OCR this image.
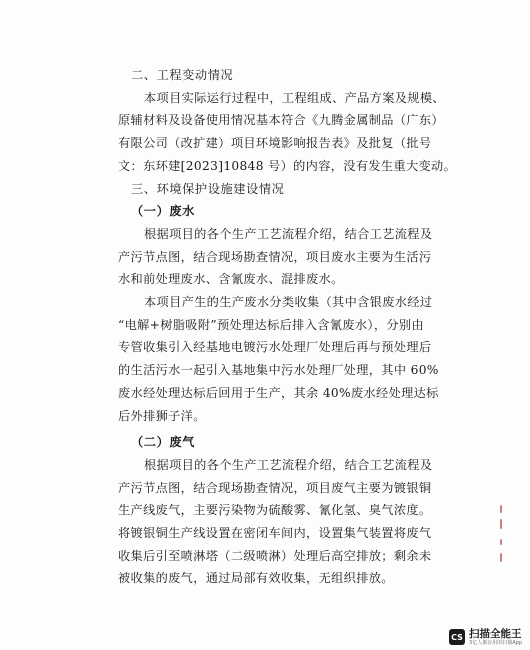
二、工程变动情况
本项目实际运行过程中，工程组成、产品方案及规模、
原辅材料及设备使用情况基本符合《九腾金属制品（广东）
有限公司（改扩建）项目环境影响报告表》及批复（批号
文：东环建[2023]10848 号）的内容，没有发生重大变动。
三、环境保护设施建设情况
（一）废水
根据项目的各个生产工艺流程介绍，结合工艺流程及
产污节点图，结合现场勘查情况，项目废水主要为生活污
水和前处理废水、含氰废水、混排废水。
本项目产生的生产废水分类收集（其中含银废水经过
“电解+树脂吸附”预处理达标后排入含氰废水），分别由
专管收集引入经基地电镀污水处理厂处理后再与预处理后
的生活污水一起引入基地集中污水处理厂处理，其中 60%
废水经处理达标后回用于生产，其余 40%废水经处理达标
后外排狮子洋。
（二）废气
根据项目的各个生产工艺流程介绍，结合工艺流程及
产污节点图，结合现场勘查情况，项目废气主要为镀银铜
生产线废气，主要污染物为硫酸雾、氰化氢、臭气浓度。
将镀银铜生产线设置在密闭车间内，设置集气装置将废气
收集后引至喷淋塔（二级喷淋）处理后高空排放；剩余未
被收集的废气，通过局部有效收集，无组织排放。
CS 扫描全能王
3亿人都在用的扫描App
